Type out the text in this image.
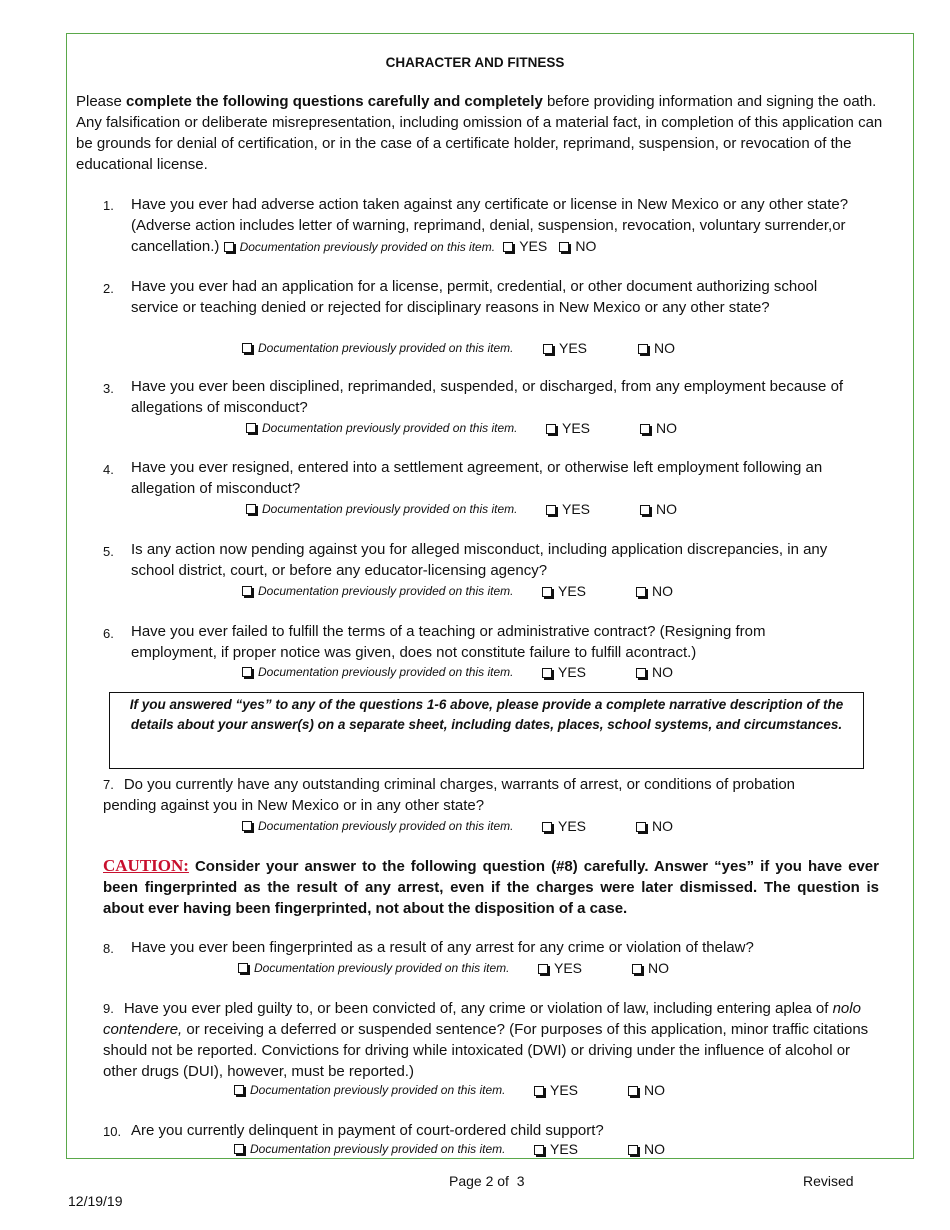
CHARACTER AND FITNESS
Please complete the following questions carefully and completely before providing information and signing the oath. Any falsification or deliberate misrepresentation, including omission of a material fact, in completion of this application can be grounds for denial of certification, or in the case of a certificate holder, reprimand, suspension, or revocation of the educational license.
1. Have you ever had adverse action taken against any certificate or license in New Mexico or any other state? (Adverse action includes letter of warning, reprimand, denial, suspension, revocation, voluntary surrender,or cancellation.) Documentation previously provided on this item. YES NO
2. Have you ever had an application for a license, permit, credential, or other document authorizing school service or teaching denied or rejected for disciplinary reasons in New Mexico or any other state?
Documentation previously provided on this item.	YES	NO
3. Have you ever been disciplined, reprimanded, suspended, or discharged, from any employment because of allegations of misconduct?
Documentation previously provided on this item.	YES	NO
4. Have you ever resigned, entered into a settlement agreement, or otherwise left employment following an allegation of misconduct?
Documentation previously provided on this item.	YES	NO
5. Is any action now pending against you for alleged misconduct, including application discrepancies, in any school district, court, or before any educator-licensing agency?
Documentation previously provided on this item.	YES	NO
6. Have you ever failed to fulfill the terms of a teaching or administrative contract? (Resigning from employment, if proper notice was given, does not constitute failure to fulfill acontract.)
Documentation previously provided on this item.	YES	NO
If you answered “yes” to any of the questions 1-6 above, please provide a complete narrative description of the details about your answer(s) on a separate sheet, including dates, places, school systems, and circumstances.
7. Do you currently have any outstanding criminal charges, warrants of arrest, or conditions of probation pending against you in New Mexico or in any other state?
Documentation previously provided on this item.	YES	NO
CAUTION: Consider your answer to the following question (#8) carefully. Answer “yes” if you have ever been fingerprinted as the result of any arrest, even if the charges were later dismissed. The question is about ever having been fingerprinted, not about the disposition of a case.
8. Have you ever been fingerprinted as a result of any arrest for any crime or violation of thelaw?
Documentation previously provided on this item.	YES	NO
9. Have you ever pled guilty to, or been convicted of, any crime or violation of law, including entering aplea of nolo contendere, or receiving a deferred or suspended sentence? (For purposes of this application, minor traffic citations should not be reported. Convictions for driving while intoxicated (DWI) or driving under the influence of alcohol or other drugs (DUI), however, must be reported.)
Documentation previously provided on this item.	YES	NO
10. Are you currently delinquent in payment of court-ordered child support?
Documentation previously provided on this item.	YES	NO
Page 2 of  3	Revised
12/19/19
